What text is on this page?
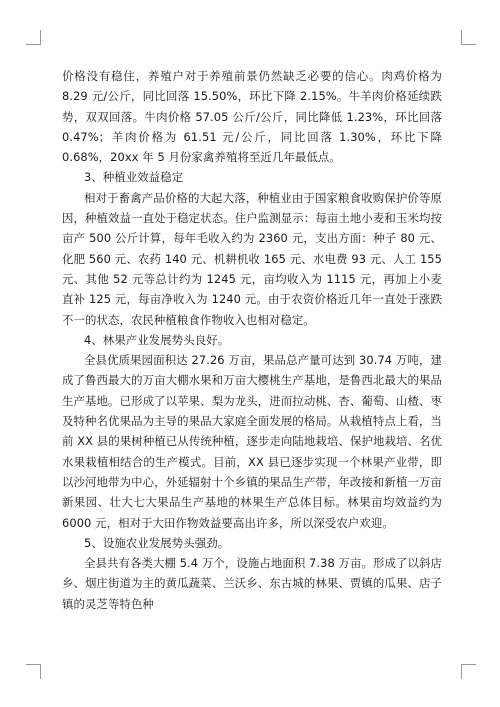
价格没有稳住，养殖户对于养殖前景仍然缺乏必要的信心。肉鸡价格为 8.29 元/公斤，同比回落 15.50%，环比下降 2.15%。牛羊肉价格延续跌势，双双回落。牛肉价格 57.05 公斤/公斤，同比降低 1.23%，环比回落 0.47%；羊肉价格为 61.51 元/公斤，同比回落 1.30%，环比下降 0.68%，20xx 年 5 月份家禽养殖将至近几年最低点。

3、种植业效益稳定

相对于畜禽产品价格的大起大落，种植业由于国家粮食收购保护价等原因，种植效益一直处于稳定状态。住户监测显示：每亩土地小麦和玉米均按亩产 500 公斤计算，每年毛收入约为 2360 元，支出方面：种子 80 元、化肥 560 元、农药 140 元、机耕机收 165 元、水电费 93 元、人工 155 元、其他 52 元等总计约为 1245 元，亩均收入为 1115 元，再加上小麦直补 125 元，每亩净收入为 1240 元。由于农资价格近几年一直处于涨跌不一的状态，农民种植粮食作物收入也相对稳定。

4、林果产业发展势头良好。

全县优质果园面积达 27.26 万亩，果品总产量可达到 30.74 万吨，建成了鲁西最大的万亩大棚水果和万亩大樱桃生产基地，是鲁西北最大的果品生产基地。已形成了以苹果、梨为龙头，进而拉动桃、杏、葡萄、山楂、枣及特种名优果品为主导的果品大家庭全面发展的格局。从栽植特点上看，当前 XX 县的果树种植已从传统种植，逐步走向陆地栽培、保护地栽培、名优水果栽植相结合的生产模式。目前，XX 县已逐步实现一个林果产业带，即以沙河地带为中心，外延辐射十个乡镇的果品生产带，年改接和新植一万亩新果园、壮大七大果品生产基地的林果生产总体目标。林果亩均效益约为 6000 元，相对于大田作物效益要高出许多，所以深受农户欢迎。

5、设施农业发展势头强劲。

全县共有各类大棚 5.4 万个，设施占地面积 7.38 万亩。形成了以斜店乡、烟庄街道为主的黄瓜蔬菜、兰沃乡、东古城的林果、贾镇的瓜果、店子镇的灵芝等特色种
